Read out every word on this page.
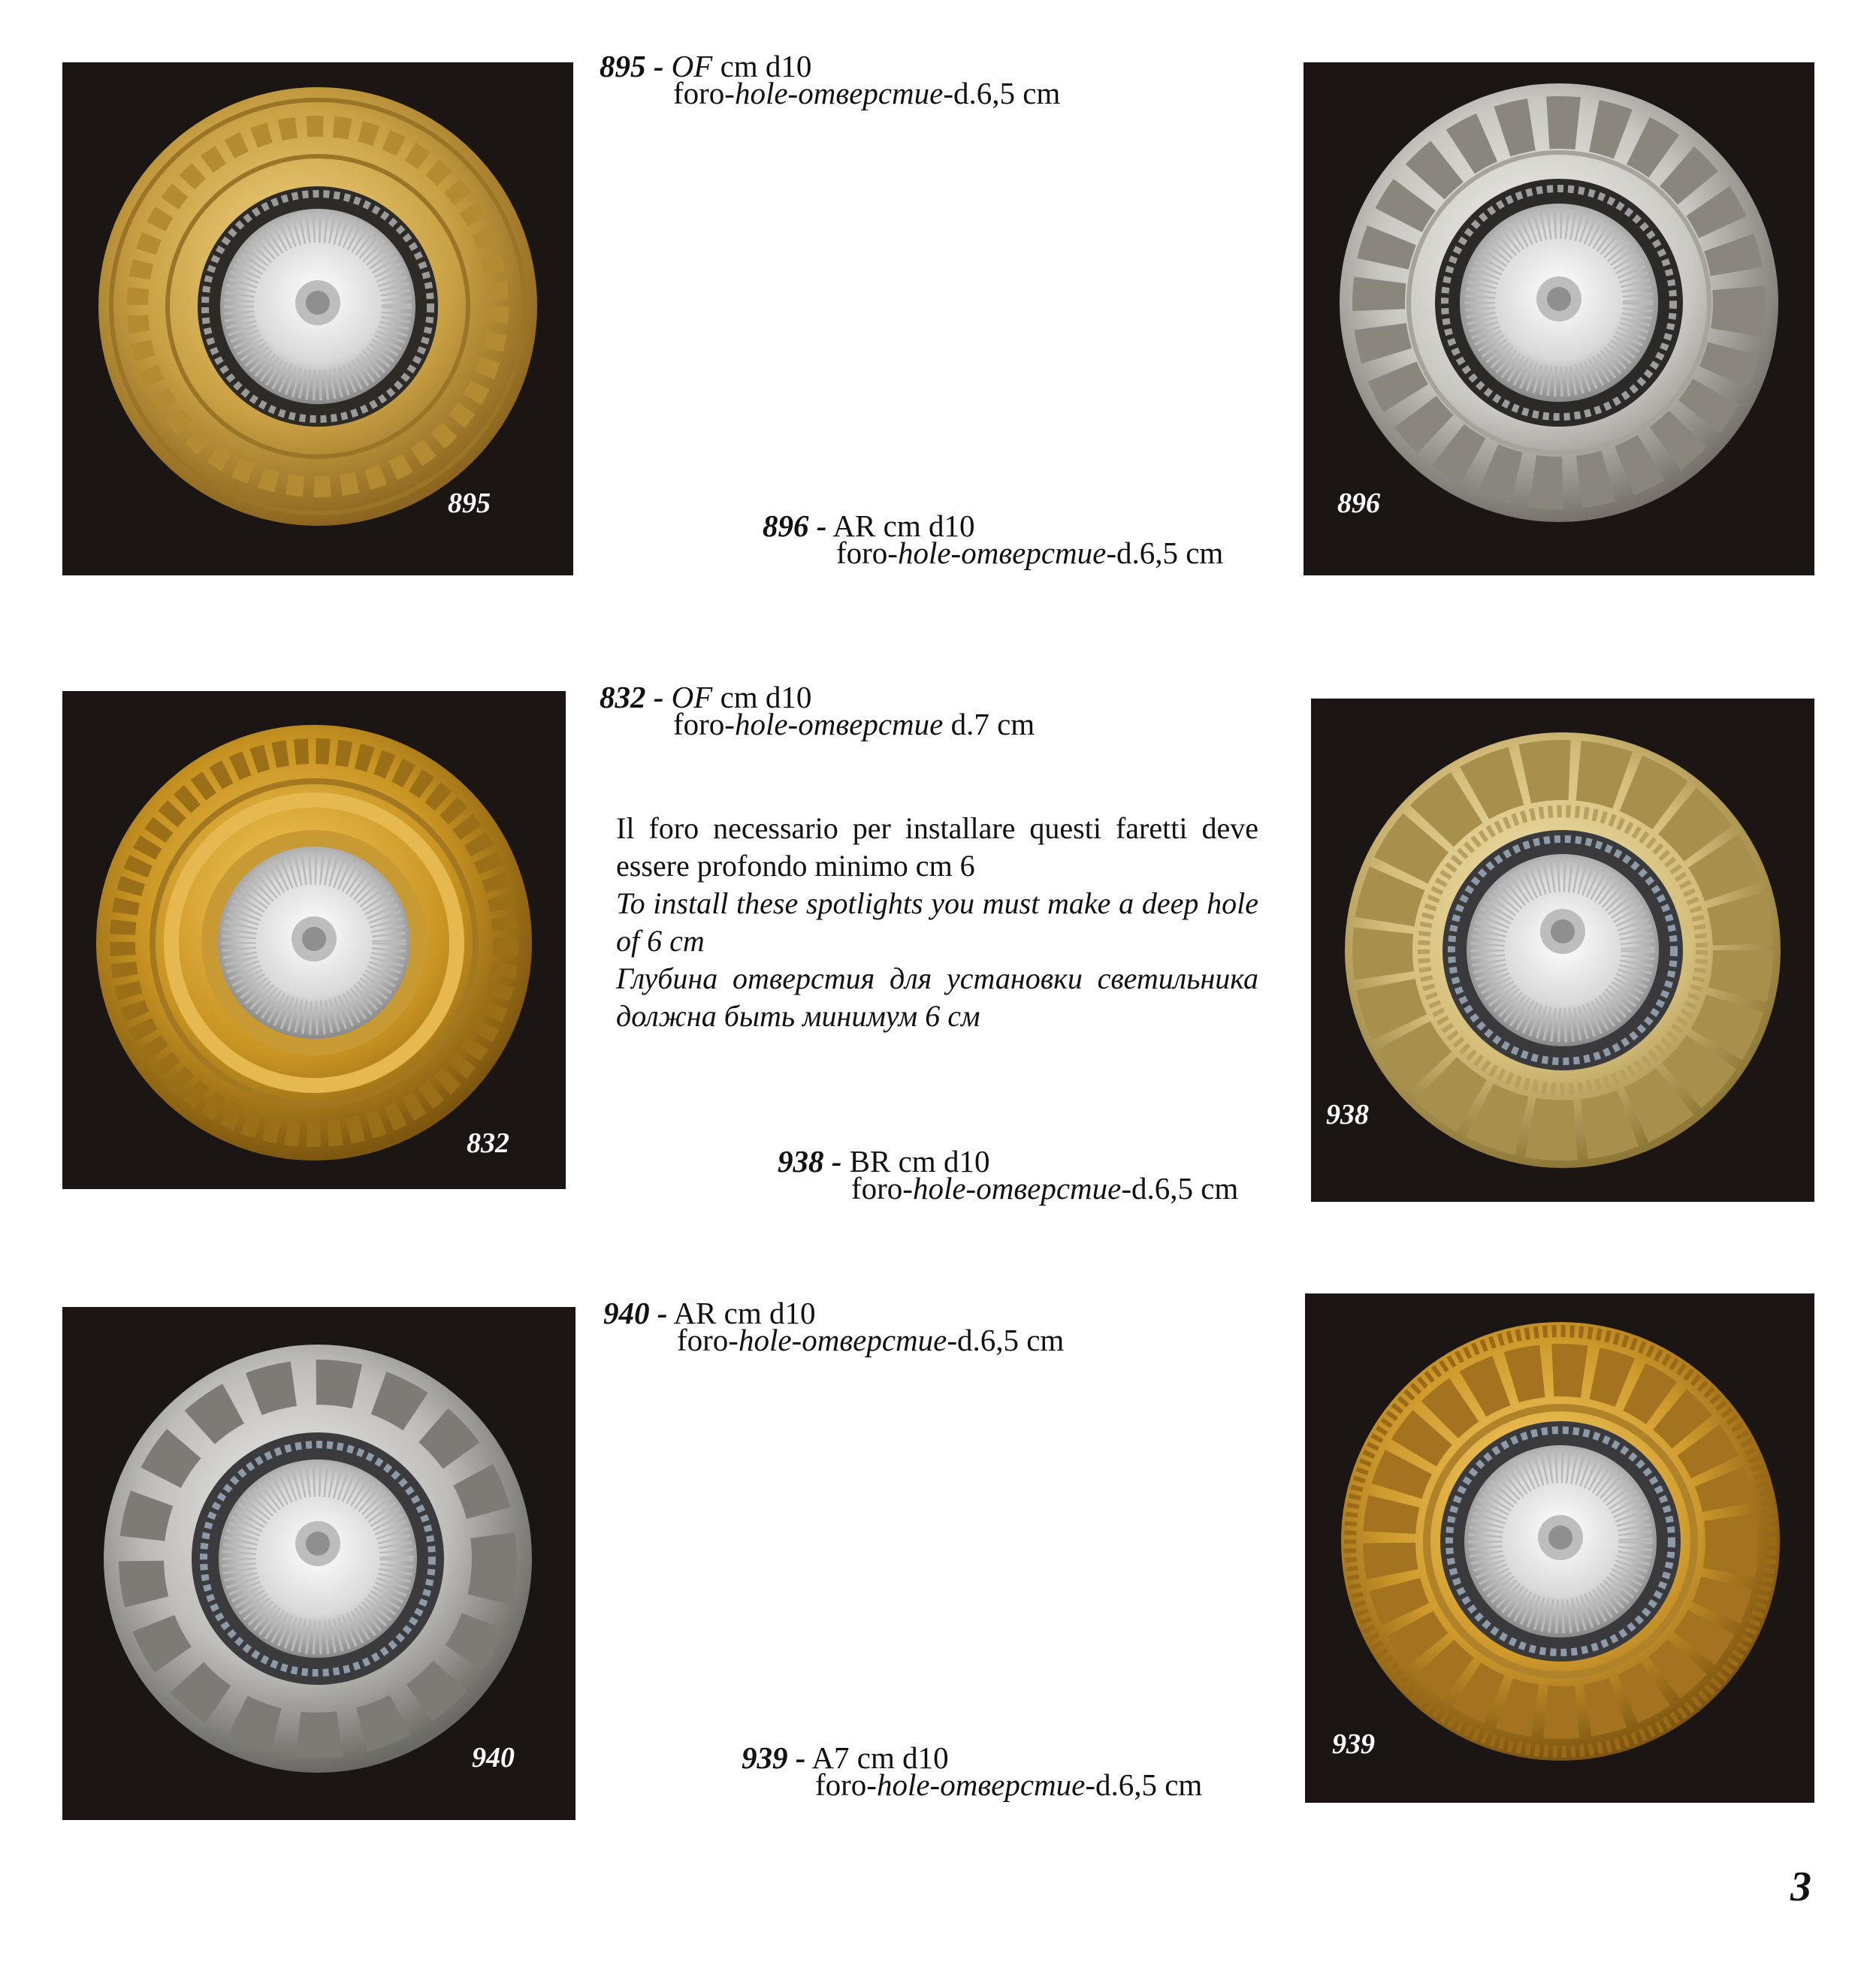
895	896
832
938
940	939
895 - OF cm d10
foro-hole-отверстие-d.6,5 cm
896 - AR cm d10
foro-hole-отверстие-d.6,5 cm
832 - OF cm d10
foro-hole-отверстие d.7 cm

Il foro necessario per installare questi faretti deve essere profondo minimo cm 6

To install these spotlights you must make a deep hole of 6 cm

Глубина отверстия для установки светильника должна быть минимум 6 см

938 - BR cm d10
foro-hole-отверстие-d.6,5 cm
940 - AR cm d10
foro-hole-отверстие-d.6,5 cm
939 - A7 cm d10
foro-hole-отверстие-d.6,5 cm
3
